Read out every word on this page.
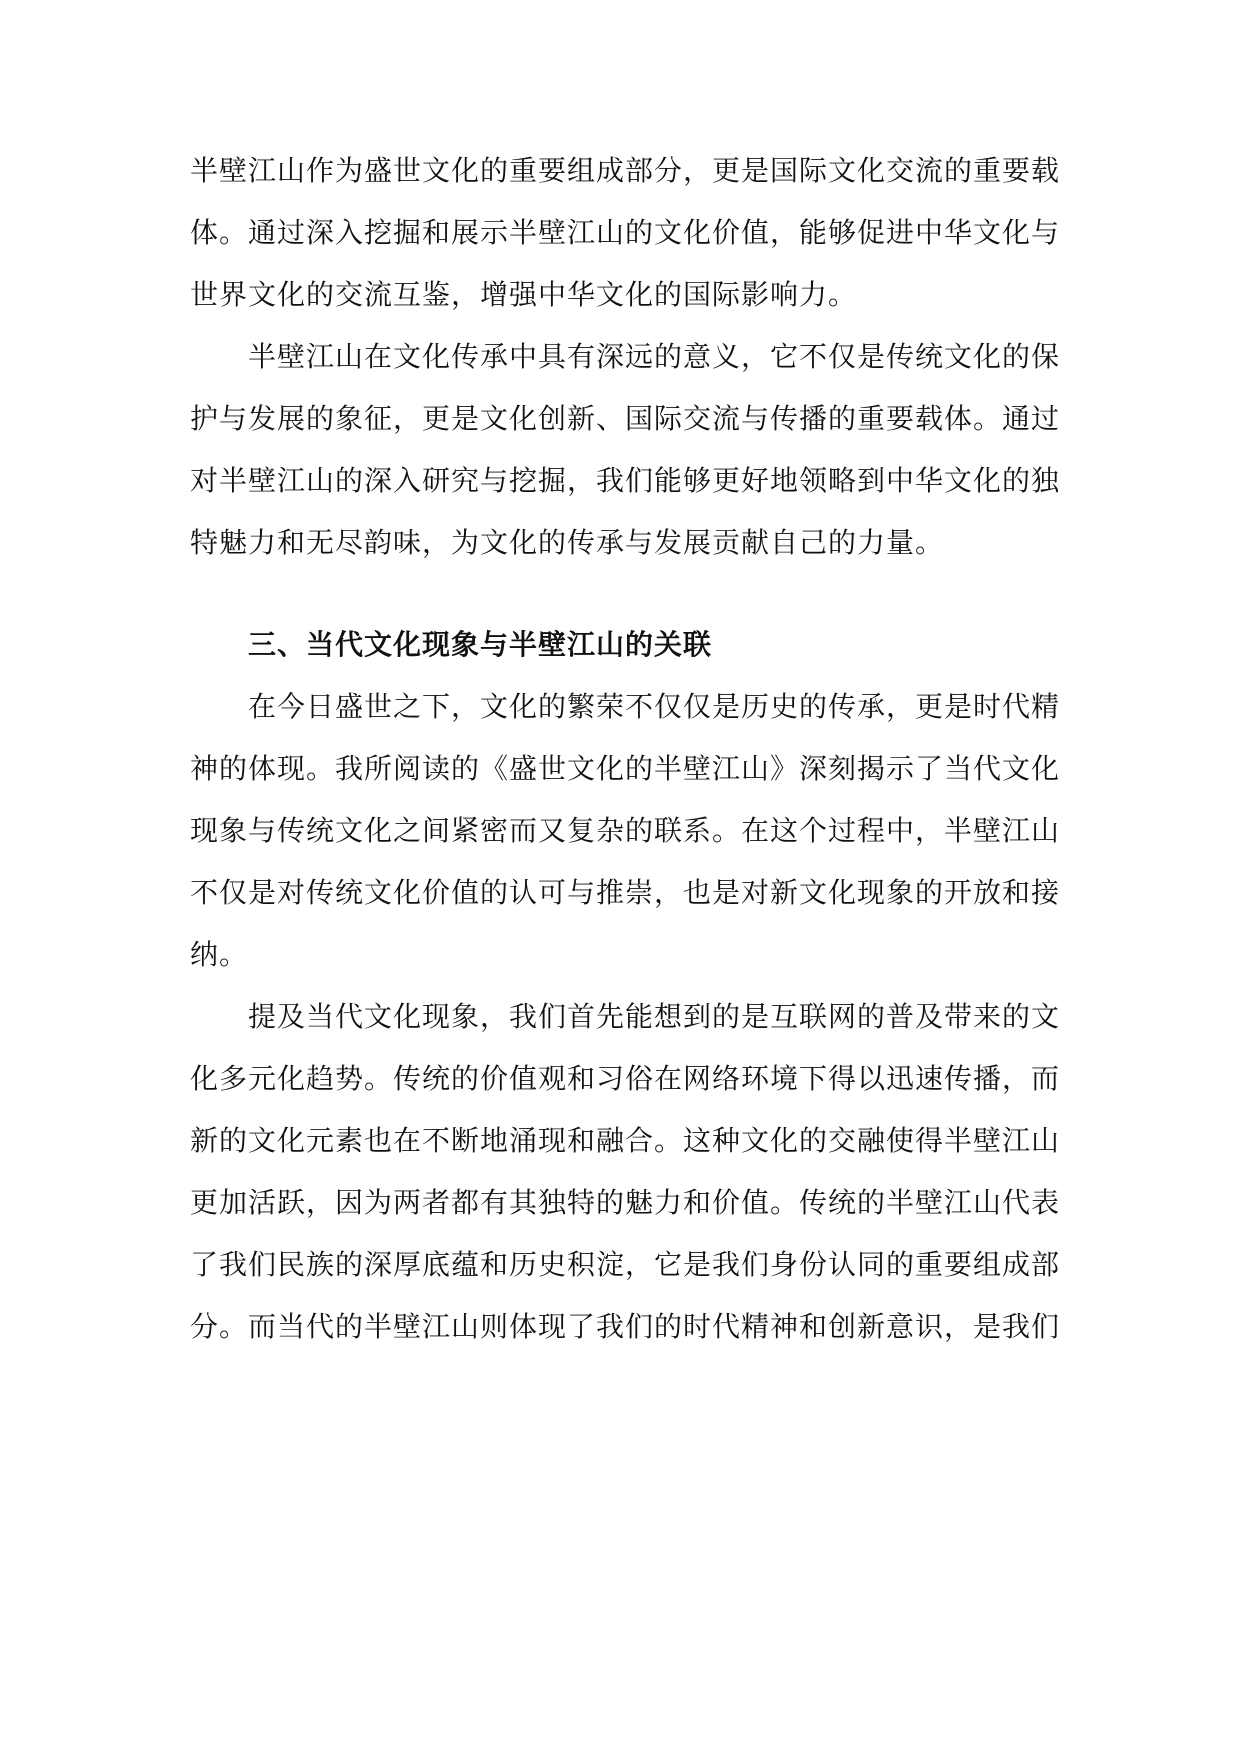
半壁江山作为盛世文化的重要组成部分，更是国际文化交流的重要载体。通过深入挖掘和展示半壁江山的文化价值，能够促进中华文化与世界文化的交流互鉴，增强中华文化的国际影响力。

半壁江山在文化传承中具有深远的意义，它不仅是传统文化的保护与发展的象征，更是文化创新、国际交流与传播的重要载体。通过对半壁江山的深入研究与挖掘，我们能够更好地领略到中华文化的独特魅力和无尽韵味，为文化的传承与发展贡献自己的力量。

三、当代文化现象与半壁江山的关联

在今日盛世之下，文化的繁荣不仅仅是历史的传承，更是时代精神的体现。我所阅读的《盛世文化的半壁江山》深刻揭示了当代文化现象与传统文化之间紧密而又复杂的联系。在这个过程中，半壁江山不仅是对传统文化价值的认可与推崇，也是对新文化现象的开放和接纳。

提及当代文化现象，我们首先能想到的是互联网的普及带来的文化多元化趋势。传统的价值观和习俗在网络环境下得以迅速传播，而新的文化元素也在不断地涌现和融合。这种文化的交融使得半壁江山更加活跃，因为两者都有其独特的魅力和价值。传统的半壁江山代表了我们民族的深厚底蕴和历史积淀，它是我们身份认同的重要组成部分。而当代的半壁江山则体现了我们的时代精神和创新意识，是我们
